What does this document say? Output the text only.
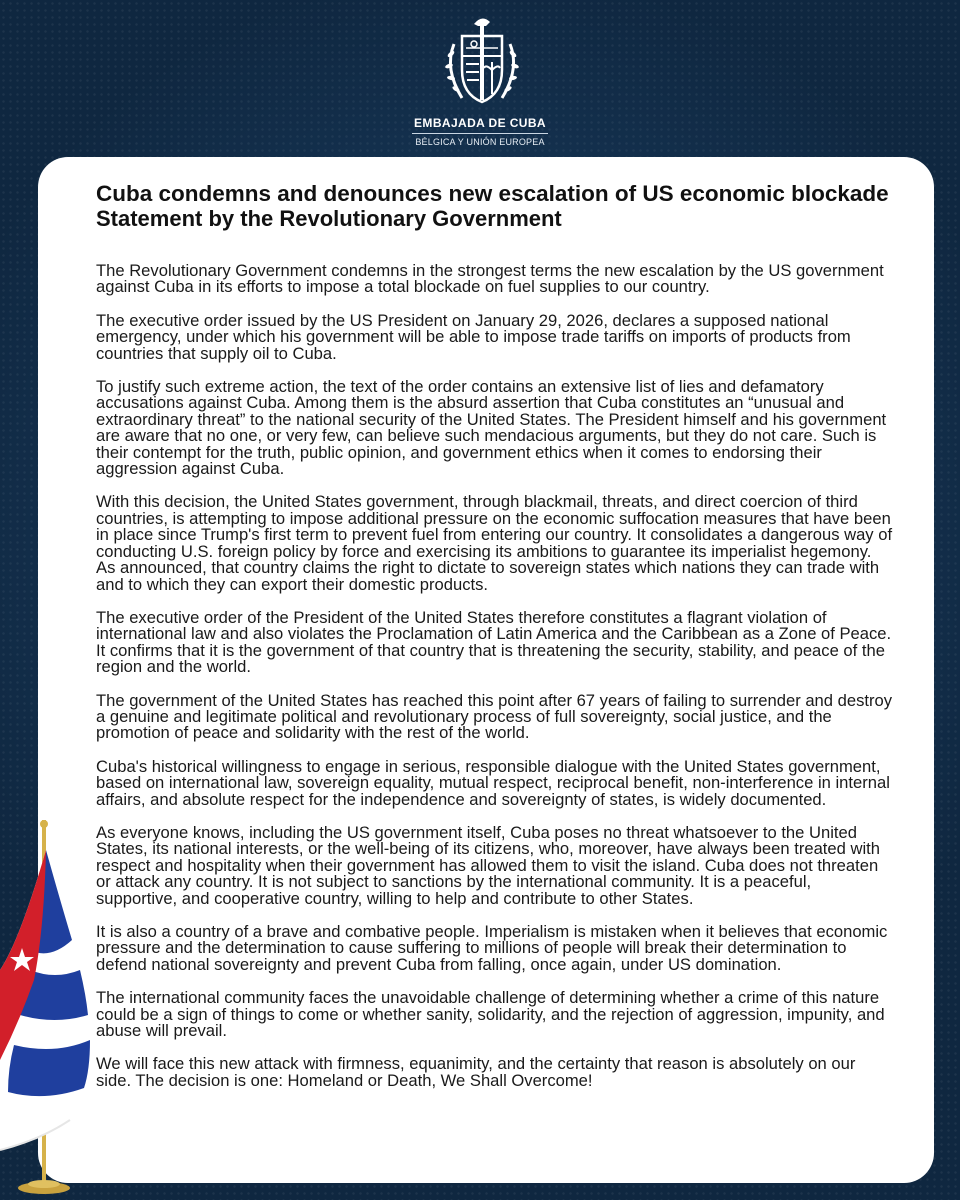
EMBAJADA DE CUBA
BÉLGICA Y UNIÓN EUROPEA
Cuba condemns and denounces new escalation of US economic blockade
Statement by the Revolutionary Government

The Revolutionary Government condemns in the strongest terms the new escalation by the US government against Cuba in its efforts to impose a total blockade on fuel supplies to our country.

The executive order issued by the US President on January 29, 2026, declares a supposed national emergency, under which his government will be able to impose trade tariffs on imports of products from countries that supply oil to Cuba.

To justify such extreme action, the text of the order contains an extensive list of lies and defamatory accusations against Cuba. Among them is the absurd assertion that Cuba constitutes an “unusual and extraordinary threat” to the national security of the United States. The President himself and his government are aware that no one, or very few, can believe such mendacious arguments, but they do not care. Such is their contempt for the truth, public opinion, and government ethics when it comes to endorsing their aggression against Cuba.

With this decision, the United States government, through blackmail, threats, and direct coercion of third countries, is attempting to impose additional pressure on the economic suffocation measures that have been in place since Trump's first term to prevent fuel from entering our country. It consolidates a dangerous way of conducting U.S. foreign policy by force and exercising its ambitions to guarantee its imperialist hegemony. As announced, that country claims the right to dictate to sovereign states which nations they can trade with and to which they can export their domestic products.

The executive order of the President of the United States therefore constitutes a flagrant violation of international law and also violates the Proclamation of Latin America and the Caribbean as a Zone of Peace. It confirms that it is the government of that country that is threatening the security, stability, and peace of the region and the world.

The government of the United States has reached this point after 67 years of failing to surrender and destroy a genuine and legitimate political and revolutionary process of full sovereignty, social justice, and the promotion of peace and solidarity with the rest of the world.

Cuba's historical willingness to engage in serious, responsible dialogue with the United States government, based on international law, sovereign equality, mutual respect, reciprocal benefit, non-interference in internal affairs, and absolute respect for the independence and sovereignty of states, is widely documented.

As everyone knows, including the US government itself, Cuba poses no threat whatsoever to the United States, its national interests, or the well-being of its citizens, who, moreover, have always been treated with respect and hospitality when their government has allowed them to visit the island. Cuba does not threaten or attack any country. It is not subject to sanctions by the international community. It is a peaceful, supportive, and cooperative country, willing to help and contribute to other States.

It is also a country of a brave and combative people. Imperialism is mistaken when it believes that economic pressure and the determination to cause suffering to millions of people will break their determination to defend national sovereignty and prevent Cuba from falling, once again, under US domination.

The international community faces the unavoidable challenge of determining whether a crime of this nature could be a sign of things to come or whether sanity, solidarity, and the rejection of aggression, impunity, and abuse will prevail.

We will face this new attack with firmness, equanimity, and the certainty that reason is absolutely on our side. The decision is one: Homeland or Death, We Shall Overcome!
